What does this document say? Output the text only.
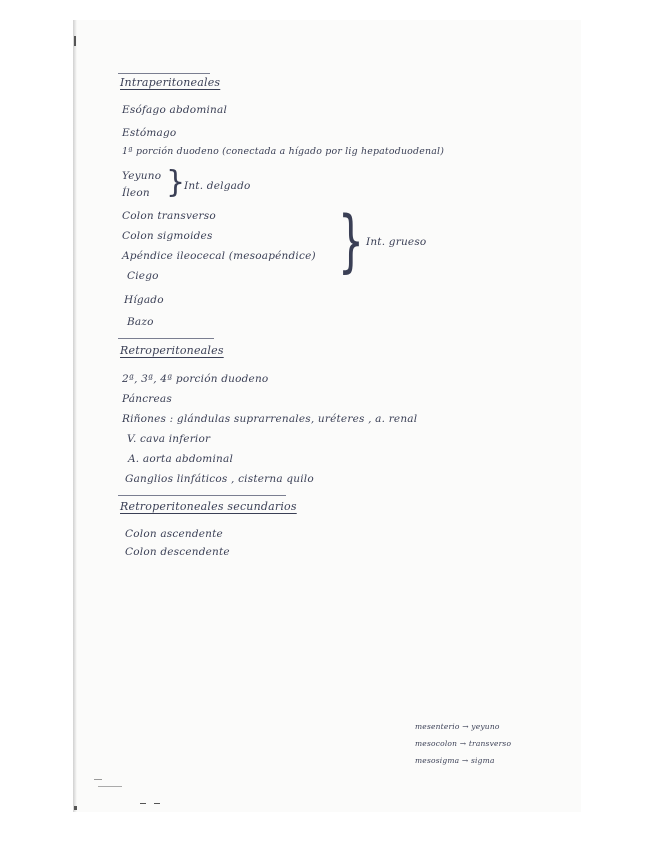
Intraperitoneales
Esófago abdominal
Estómago
1ª porción duodeno (conectada a hígado por lig hepatoduodenal)
Yeyuno
Íleon }
Int. delgado
Colon transverso
Colon sigmoides
Apéndice ileocecal (mesoapéndice)
Ciego	} Int. grueso
Hígado
Bazo
Retroperitoneales
2ª, 3ª, 4ª porción duodeno
Páncreas
Riñones : glándulas suprarrenales, uréteres , a. renal
V. cava inferior
A. aorta abdominal
Ganglios linfáticos , cisterna quilo
Retroperitoneales secundarios
Colon ascendente
Colon descendente
mesenterio → yeyuno
mesocolon → transverso
mesosigma → sigma
